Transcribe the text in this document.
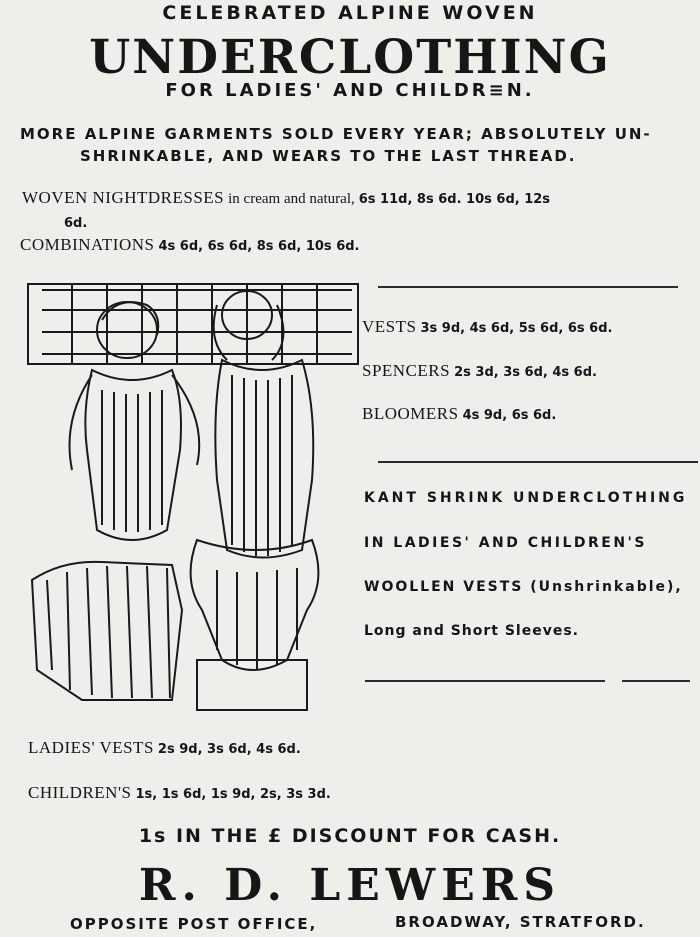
CELEBRATED ALPINE WOVEN
UNDERCLOTHING
FOR LADIES' AND CHILDR≡N.
MORE ALPINE GARMENTS SOLD EVERY YEAR; ABSOLUTELY UN-
SHRINKABLE, AND WEARS TO THE LAST THREAD.
WOVEN NIGHTDRESSES in cream and natural, 6s 11d, 8s 6d. 10s 6d, 12s
6d.
COMBINATIONS 4s 6d, 6s 6d, 8s 6d, 10s 6d.
VESTS 3s 9d, 4s 6d, 5s 6d, 6s 6d.
SPENCERS 2s 3d, 3s 6d, 4s 6d.
BLOOMERS 4s 9d, 6s 6d.
KANT SHRINK UNDERCLOTHING
IN LADIES' AND CHILDREN'S
WOOLLEN VESTS (Unshrinkable),
Long and Short Sleeves.
LADIES' VESTS 2s 9d, 3s 6d, 4s 6d.
CHILDREN'S 1s, 1s 6d, 1s 9d, 2s, 3s 3d.
1s IN THE £ DISCOUNT FOR CASH.
R. D. LEWERS
OPPOSITE POST OFFICE,	BROADWAY, STRATFORD.
